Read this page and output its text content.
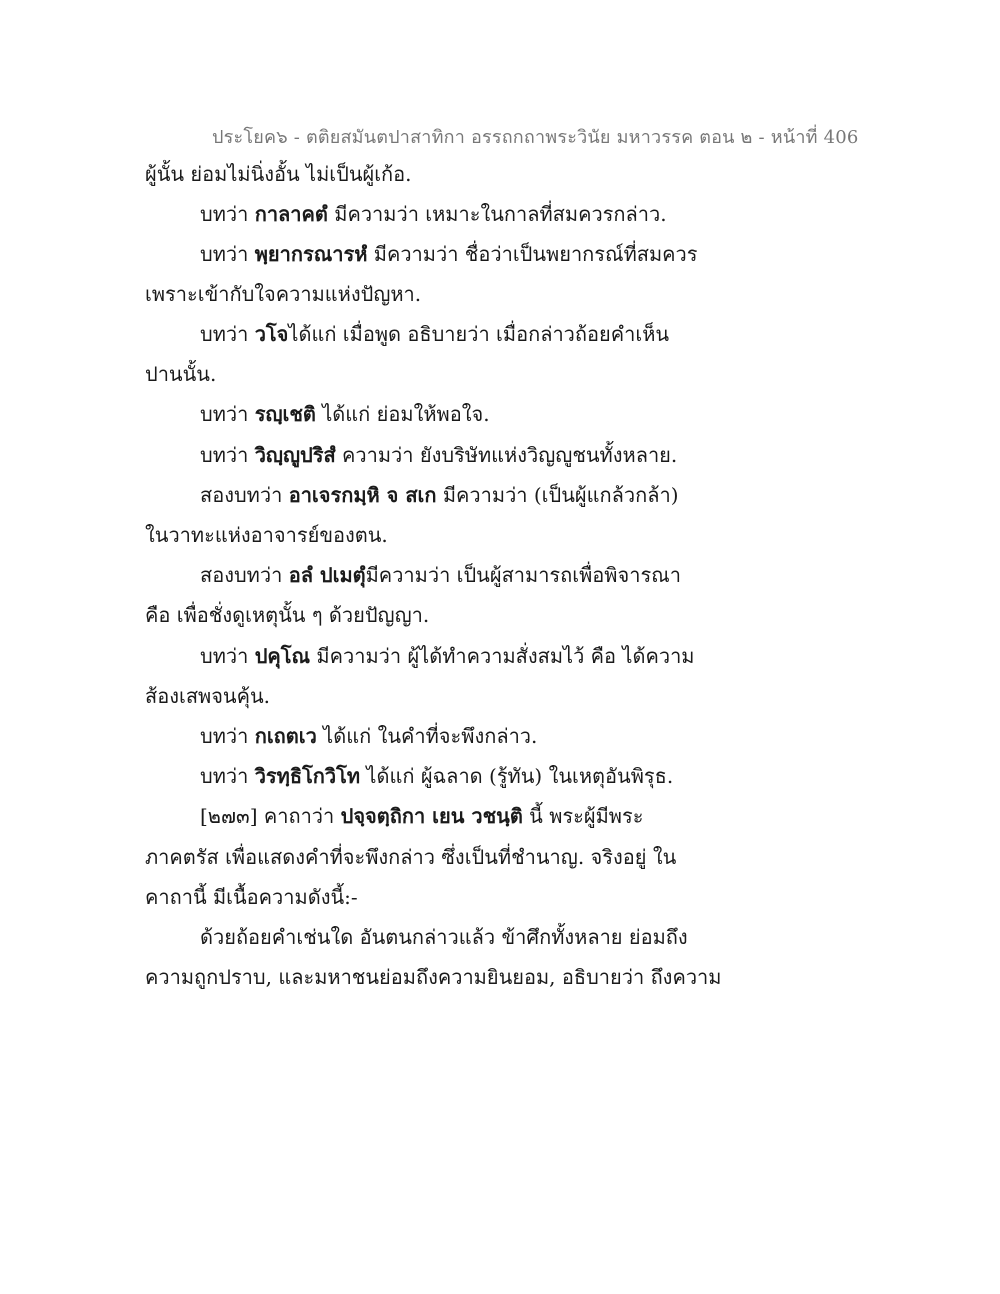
ประโยค๖ - ตติยสมันตปาสาทิกา อรรถกถาพระวินัย มหาวรรค ตอน ๒ - หน้าที่ 406
ผู้นั้น ย่อมไม่นิ่งอั้น ไม่เป็นผู้เก้อ.
บทว่า กาลาคตํ มีความว่า เหมาะในกาลที่สมควรกล่าว.
บทว่า พฺยากรณารหํ มีความว่า ชื่อว่าเป็นพยากรณ์ที่สมควร
เพราะเข้ากับใจความแห่งปัญหา.
บทว่า วโจได้แก่ เมื่อพูด อธิบายว่า เมื่อกล่าวถ้อยคำเห็น
ปานนั้น.
บทว่า รญฺเชติ ได้แก่ ย่อมให้พอใจ.
บทว่า วิญฺญูปริสํ ความว่า ยังบริษัทแห่งวิญญูชนทั้งหลาย.
สองบทว่า อาเจรกมฺหิ จ สเก มีความว่า (เป็นผู้แกล้วกล้า)
ในวาทะแห่งอาจารย์ของตน.
สองบทว่า อลํ ปเมตุํมีความว่า เป็นผู้สามารถเพื่อพิจารณา
คือ เพื่อชั่งดูเหตุนั้น ๆ ด้วยปัญญา.
บทว่า ปคุโณ มีความว่า ผู้ได้ทำความสั่งสมไว้ คือ ได้ความ
ส้องเสพจนคุ้น.
บทว่า กเถตเว ได้แก่ ในคำที่จะพึงกล่าว.
บทว่า วิรทฺธิโกวิโท ได้แก่ ผู้ฉลาด (รู้ทัน) ในเหตุอันพิรุธ.
[๒๗๓] คาถาว่า ปจฺจตฺถิกา เยน วชนฺติ นี้ พระผู้มีพระ
ภาคตรัส เพื่อแสดงคำที่จะพึงกล่าว ซึ่งเป็นที่ชำนาญ. จริงอยู่ ใน
คาถานี้ มีเนื้อความดังนี้:-
ด้วยถ้อยคำเช่นใด อันตนกล่าวแล้ว ข้าศึกทั้งหลาย ย่อมถึง
ความถูกปราบ, และมหาชนย่อมถึงความยินยอม, อธิบายว่า ถึงความ
